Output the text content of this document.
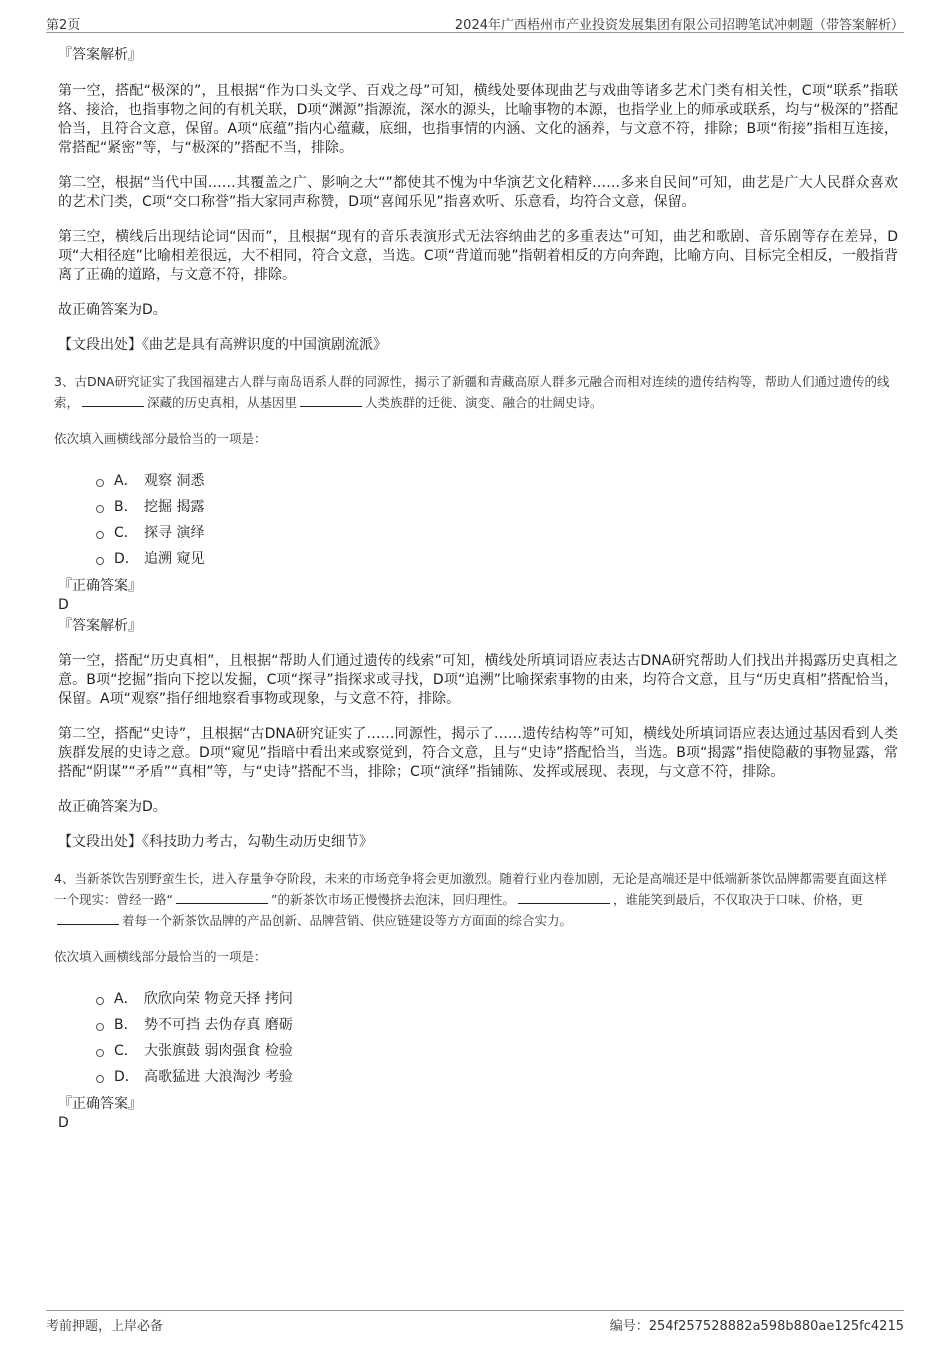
第2页	2024年广西梧州市产业投资发展集团有限公司招聘笔试冲刺题（带答案解析）
『答案解析』

第一空，搭配“极深的”，且根据“作为口头文学、百戏之母”可知，横线处要体现曲艺与戏曲等诸多艺术门类有相关性，C项“联系”指联络、接洽，也指事物之间的有机关联，D项“渊源”指源流，深水的源头，比喻事物的本源，也指学业上的师承或联系，均与“极深的”搭配恰当，且符合文意，保留。A项“底蕴”指内心蕴藏，底细，也指事情的内涵、文化的涵养，与文意不符，排除；B项“衔接”指相互连接，常搭配“紧密”等，与“极深的”搭配不当，排除。

第二空，根据“当代中国……其覆盖之广、影响之大“”都使其不愧为中华演艺文化精粹……多来自民间”可知，曲艺是广大人民群众喜欢的艺术门类，C项“交口称誉”指大家同声称赞，D项“喜闻乐见”指喜欢听、乐意看，均符合文意，保留。

第三空，横线后出现结论词“因而”，且根据“现有的音乐表演形式无法容纳曲艺的多重表达”可知，曲艺和歌剧、音乐剧等存在差异，D项“大相径庭”比喻相差很远，大不相同，符合文意，当选。C项“背道而驰”指朝着相反的方向奔跑，比喻方向、目标完全相反，一般指背离了正确的道路，与文意不符，排除。

故正确答案为D。

【文段出处】《曲艺是具有高辨识度的中国演剧流派》

3、古DNA研究证实了我国福建古人群与南岛语系人群的同源性，揭示了新疆和青藏高原人群多元融合而相对连续的遗传结构等，帮助人们通过遗传的线索，	深藏的历史真相，从基因里	人类族群的迁徙、演变、融合的壮阔史诗。

依次填入画横线部分最恰当的一项是：

A． 观察 洞悉
B． 挖掘 揭露
C． 探寻 演绎
D． 追溯 窥见

『正确答案』

D

『答案解析』

第一空，搭配“历史真相”，且根据“帮助人们通过遗传的线索”可知，横线处所填词语应表达古DNA研究帮助人们找出并揭露历史真相之意。B项“挖掘”指向下挖以发掘，C项“探寻”指探求或寻找，D项“追溯”比喻探索事物的由来，均符合文意，且与“历史真相”搭配恰当，保留。A项“观察”指仔细地察看事物或现象，与文意不符，排除。

第二空，搭配“史诗”，且根据“古DNA研究证实了……同源性，揭示了……遗传结构等”可知，横线处所填词语应表达通过基因看到人类族群发展的史诗之意。D项“窥见”指暗中看出来或察觉到，符合文意，且与“史诗”搭配恰当，当选。B项“揭露”指使隐蔽的事物显露，常搭配“阴谋”“矛盾”“真相”等，与“史诗”搭配不当，排除；C项“演绎”指铺陈、发挥或展现、表现，与文意不符，排除。

故正确答案为D。

【文段出处】《科技助力考古，勾勒生动历史细节》

4、当新茶饮告别野蛮生长，进入存量争夺阶段，未来的市场竞争将会更加激烈。随着行业内卷加剧，无论是高端还是中低端新茶饮品牌都需要直面这样一个现实：曾经一路“	”的新茶饮市场正慢慢挤去泡沫，回归理性。	，谁能笑到最后，不仅取决于口味、价格，更着每一个新茶饮品牌的产品创新、品牌营销、供应链建设等方方面面的综合实力。

依次填入画横线部分最恰当的一项是：

A． 欣欣向荣 物竞天择 拷问
B． 势不可挡 去伪存真 磨砺
C． 大张旗鼓 弱肉强食 检验
D． 高歌猛进 大浪淘沙 考验

『正确答案』

D

考前押题，上岸必备	编号：254f257528882a598b880ae125fc4215
